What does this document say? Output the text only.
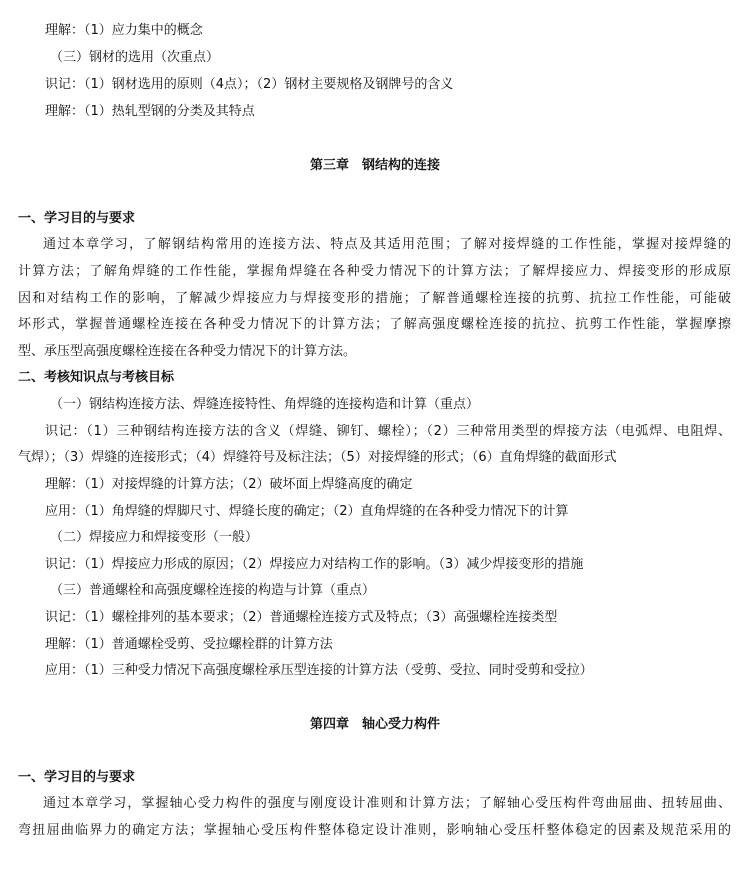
理解：（1）应力集中的概念
（三）钢材的选用（次重点）
识记：（1）钢材选用的原则（4点）；（2）钢材主要规格及钢牌号的含义
理解：（1）热轧型钢的分类及其特点
第三章　钢结构的连接
一、学习目的与要求
通过本章学习，了解钢结构常用的连接方法、特点及其适用范围；了解对接焊缝的工作性能，掌握对接焊缝的
计算方法；了解角焊缝的工作性能，掌握角焊缝在各种受力情况下的计算方法；了解焊接应力、焊接变形的形成原
因和对结构工作的影响，了解减少焊接应力与焊接变形的措施；了解普通螺栓连接的抗剪、抗拉工作性能，可能破
坏形式，掌握普通螺栓连接在各种受力情况下的计算方法；了解高强度螺栓连接的抗拉、抗剪工作性能，掌握摩擦
型、承压型高强度螺栓连接在各种受力情况下的计算方法。
二、考核知识点与考核目标
（一）钢结构连接方法、焊缝连接特性、角焊缝的连接构造和计算（重点）
识记：（1）三种钢结构连接方法的含义（焊缝、铆钉、螺栓）；（2）三种常用类型的焊接方法（电弧焊、电阻焊、
气焊）；（3）焊缝的连接形式；（4）焊缝符号及标注法；（5）对接焊缝的形式；（6）直角焊缝的截面形式
理解：（1）对接焊缝的计算方法；（2）破坏面上焊缝高度的确定
应用：（1）角焊缝的焊脚尺寸、焊缝长度的确定；（2）直角焊缝的在各种受力情况下的计算
（二）焊接应力和焊接变形（一般）
识记：（1）焊接应力形成的原因；（2）焊接应力对结构工作的影响。（3）减少焊接变形的措施
（三）普通螺栓和高强度螺栓连接的构造与计算（重点）
识记：（1）螺栓排列的基本要求；（2）普通螺栓连接方式及特点；（3）高强螺栓连接类型
理解：（1）普通螺栓受剪、受拉螺栓群的计算方法
应用：（1）三种受力情况下高强度螺栓承压型连接的计算方法（受剪、受拉、同时受剪和受拉）
第四章　轴心受力构件
一、学习目的与要求
通过本章学习，掌握轴心受力构件的强度与刚度设计准则和计算方法；了解轴心受压构件弯曲屈曲、扭转屈曲、
弯扭屈曲临界力的确定方法；掌握轴心受压构件整体稳定设计准则，影响轴心受压杆整体稳定的因素及规范采用的
